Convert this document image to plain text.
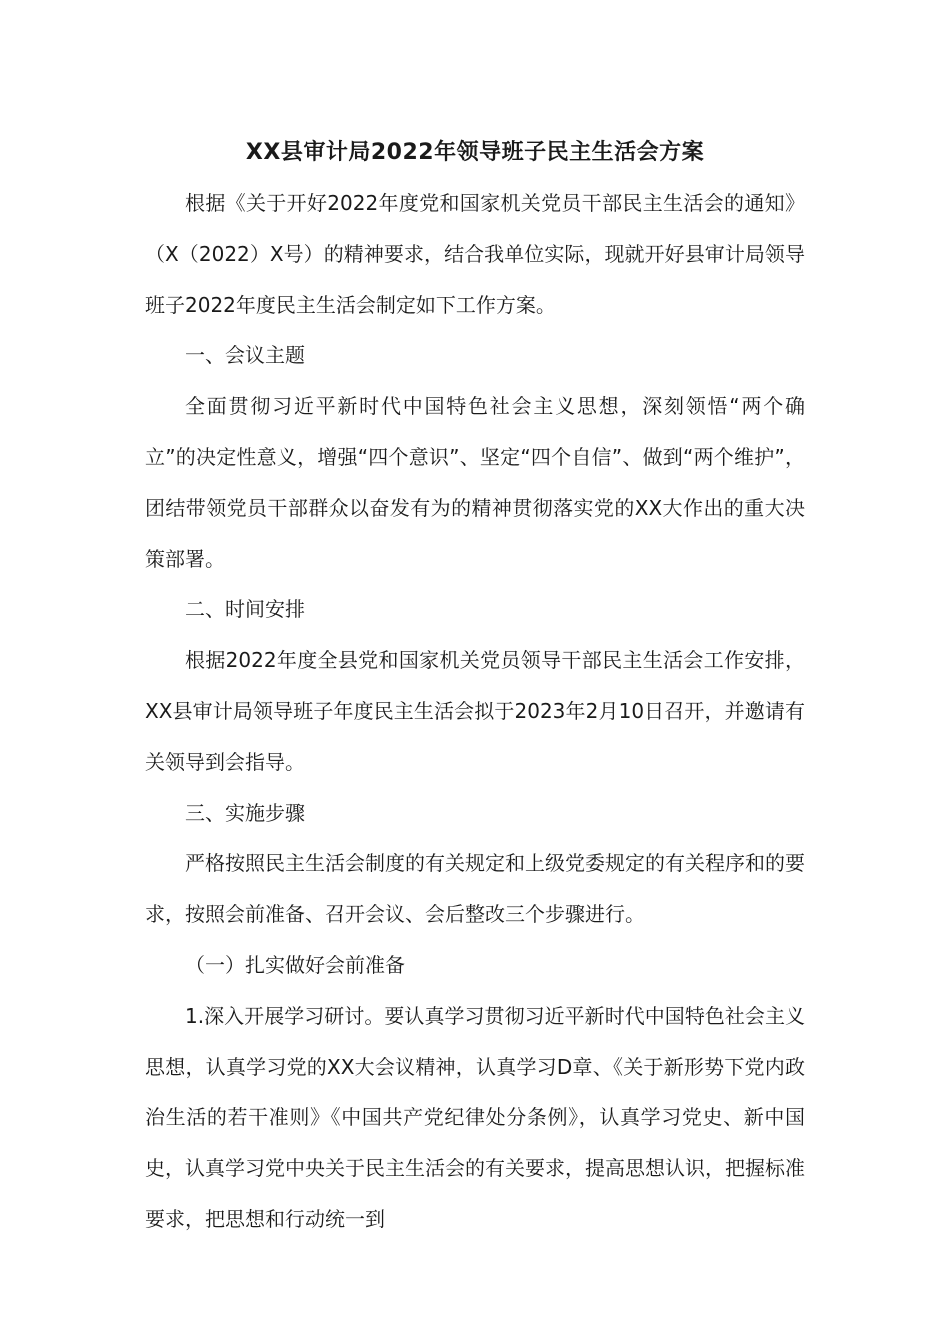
XX县审计局2022年领导班子民主生活会方案

根据《关于开好2022年度党和国家机关党员干部民主生活会的通知》（X（2022）X号）的精神要求，结合我单位实际，现就开好县审计局领导班子2022年度民主生活会制定如下工作方案。

一、会议主题

全面贯彻习近平新时代中国特色社会主义思想，深刻领悟“两个确立”的决定性意义，增强“四个意识”、坚定“四个自信”、做到“两个维护”，团结带领党员干部群众以奋发有为的精神贯彻落实党的XX大作出的重大决策部署。

二、时间安排

根据2022年度全县党和国家机关党员领导干部民主生活会工作安排，XX县审计局领导班子年度民主生活会拟于2023年2月10日召开，并邀请有关领导到会指导。

三、实施步骤

严格按照民主生活会制度的有关规定和上级党委规定的有关程序和的要求，按照会前准备、召开会议、会后整改三个步骤进行。

（一）扎实做好会前准备

1.深入开展学习研讨。要认真学习贯彻习近平新时代中国特色社会主义思想，认真学习党的XX大会议精神，认真学习D章、《关于新形势下党内政治生活的若干准则》《中国共产党纪律处分条例》，认真学习党史、新中国史，认真学习党中央关于民主生活会的有关要求，提高思想认识，把握标准要求，把思想和行动统一到
